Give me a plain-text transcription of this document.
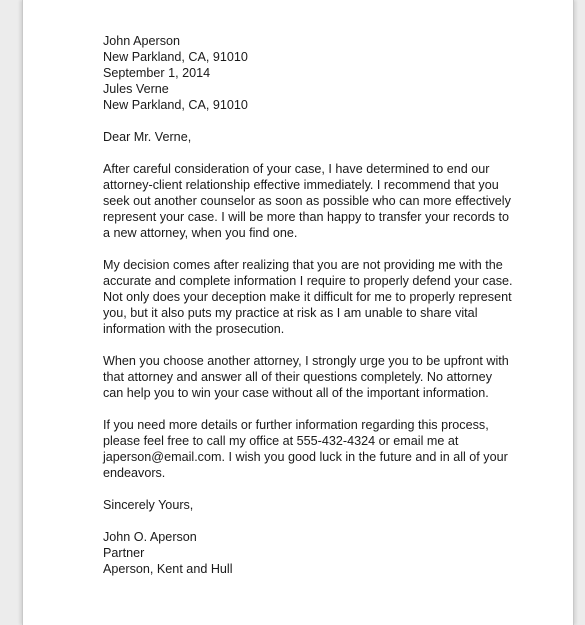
John Aperson
New Parkland, CA, 91010
September 1, 2014
Jules Verne
New Parkland, CA, 91010
Dear Mr. Verne,
After careful consideration of your case, I have determined to end our
attorney-client relationship effective immediately. I recommend that you
seek out another counselor as soon as possible who can more effectively
represent your case. I will be more than happy to transfer your records to
a new attorney, when you find one.
My decision comes after realizing that you are not providing me with the
accurate and complete information I require to properly defend your case.
Not only does your deception make it difficult for me to properly represent
you, but it also puts my practice at risk as I am unable to share vital
information with the prosecution.
When you choose another attorney, I strongly urge you to be upfront with
that attorney and answer all of their questions completely. No attorney
can help you to win your case without all of the important information.
If you need more details or further information regarding this process,
please feel free to call my office at 555-432-4324 or email me at
japerson@email.com. I wish you good luck in the future and in all of your
endeavors.
Sincerely Yours,
John O. Aperson
Partner
Aperson, Kent and Hull
